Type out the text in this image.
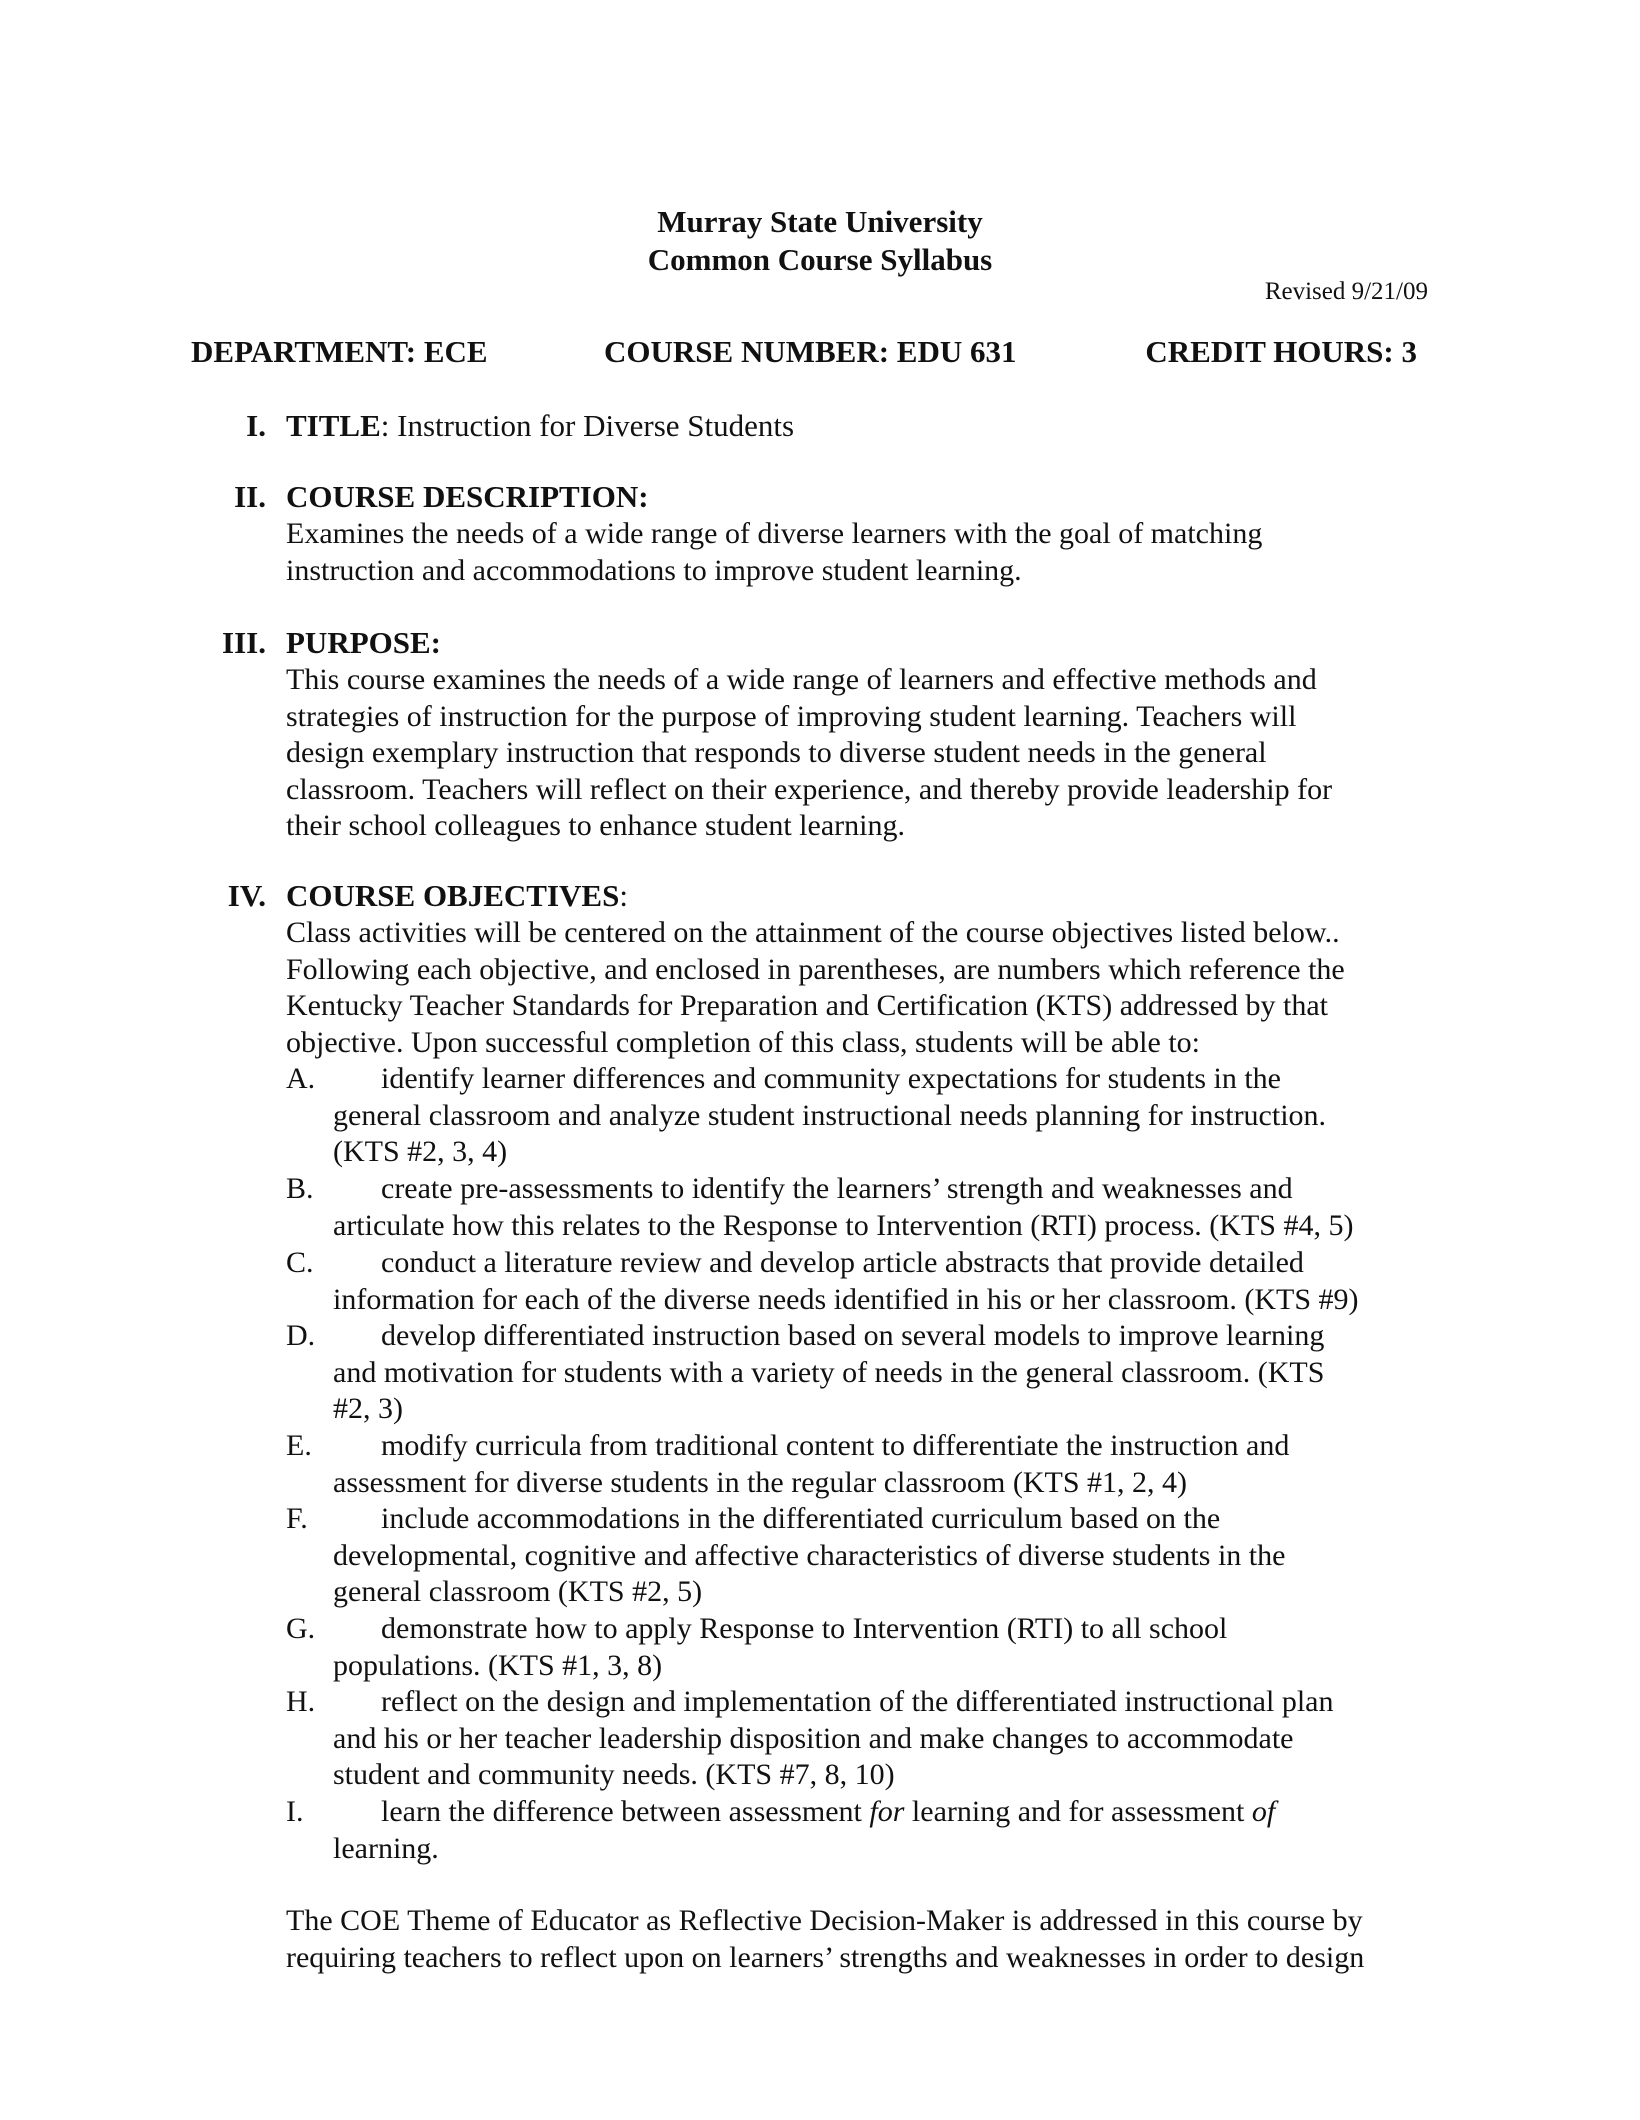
Murray State University
Common Course Syllabus
Revised 9/21/09
DEPARTMENT: ECE	COURSE NUMBER: EDU 631	CREDIT HOURS: 3
I. TITLE: Instruction for Diverse Students
II. COURSE DESCRIPTION:
Examines the needs of a wide range of diverse learners with the goal of matching
instruction and accommodations to improve student learning.
III. PURPOSE:
This course examines the needs of a wide range of learners and effective methods and
strategies of instruction for the purpose of improving student learning. Teachers will
design exemplary instruction that responds to diverse student needs in the general
classroom. Teachers will reflect on their experience, and thereby provide leadership for
their school colleagues to enhance student learning.
IV. COURSE OBJECTIVES:
Class activities will be centered on the attainment of the course objectives listed below..
Following each objective, and enclosed in parentheses, are numbers which reference the
Kentucky Teacher Standards for Preparation and Certification (KTS) addressed by that
objective. Upon successful completion of this class, students will be able to:
A.	identify learner differences and community expectations for students in the
general classroom and analyze student instructional needs planning for instruction.
(KTS #2, 3, 4)
B.	create pre-assessments to identify the learners’ strength and weaknesses and
articulate how this relates to the Response to Intervention (RTI) process. (KTS #4, 5)
C.	conduct a literature review and develop article abstracts that provide detailed
information for each of the diverse needs identified in his or her classroom. (KTS #9)
D.	develop differentiated instruction based on several models to improve learning
and motivation for students with a variety of needs in the general classroom. (KTS
#2, 3)
E.	modify curricula from traditional content to differentiate the instruction and
assessment for diverse students in the regular classroom (KTS #1, 2, 4)
F.	include accommodations in the differentiated curriculum based on the
developmental, cognitive and affective characteristics of diverse students in the
general classroom (KTS #2, 5)
G.	demonstrate how to apply Response to Intervention (RTI) to all school
populations. (KTS #1, 3, 8)
H.	reflect on the design and implementation of the differentiated instructional plan
and his or her teacher leadership disposition and make changes to accommodate
student and community needs. (KTS #7, 8, 10)
I.	learn the difference between assessment for learning and for assessment of
learning.
The COE Theme of Educator as Reflective Decision-Maker is addressed in this course by
requiring teachers to reflect upon on learners’ strengths and weaknesses in order to design
